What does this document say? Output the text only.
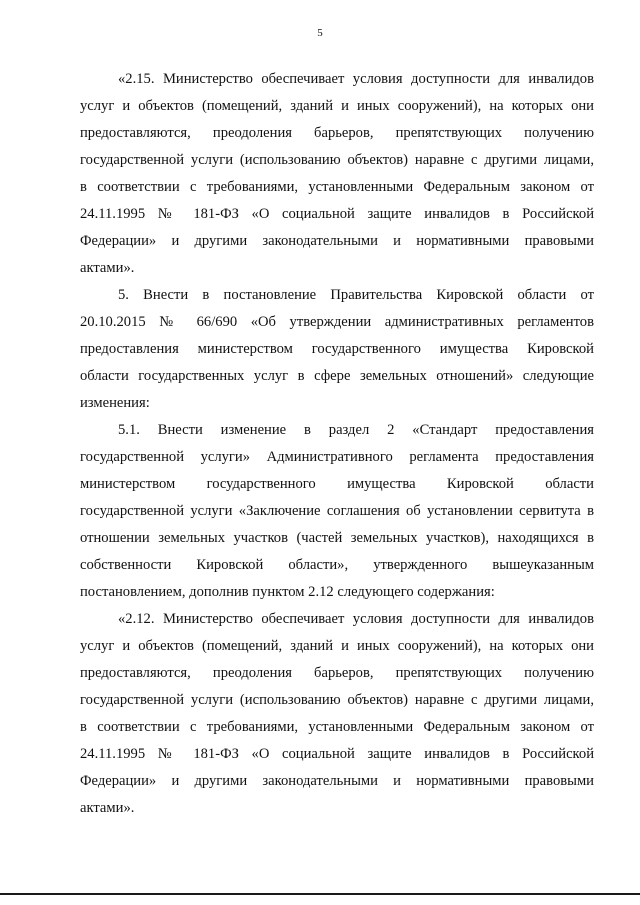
5
«2.15. Министерство обеспечивает условия доступности для инвалидов
услуг и объектов (помещений, зданий и иных сооружений), на которых они
предоставляются, преодоления барьеров, препятствующих получению
государственной услуги (использованию объектов) наравне с другими лицами,
в соответствии с требованиями, установленными Федеральным законом от
24.11.1995 № 181-ФЗ «О социальной защите инвалидов в Российской
Федерации» и другими законодательными и нормативными правовыми
актами».
5. Внести в постановление Правительства Кировской области от
20.10.2015 № 66/690 «Об утверждении административных регламентов
предоставления министерством государственного имущества Кировской
области государственных услуг в сфере земельных отношений» следующие
изменения:
5.1. Внести изменение в раздел 2 «Стандарт предоставления
государственной услуги» Административного регламента предоставления
министерством государственного имущества Кировской области
государственной услуги «Заключение соглашения об установлении сервитута в
отношении земельных участков (частей земельных участков), находящихся в
собственности Кировской области», утвержденного вышеуказанным
постановлением, дополнив пунктом 2.12 следующего содержания:
«2.12. Министерство обеспечивает условия доступности для инвалидов
услуг и объектов (помещений, зданий и иных сооружений), на которых они
предоставляются, преодоления барьеров, препятствующих получению
государственной услуги (использованию объектов) наравне с другими лицами,
в соответствии с требованиями, установленными Федеральным законом от
24.11.1995 № 181-ФЗ «О социальной защите инвалидов в Российской
Федерации» и другими законодательными и нормативными правовыми
актами».
